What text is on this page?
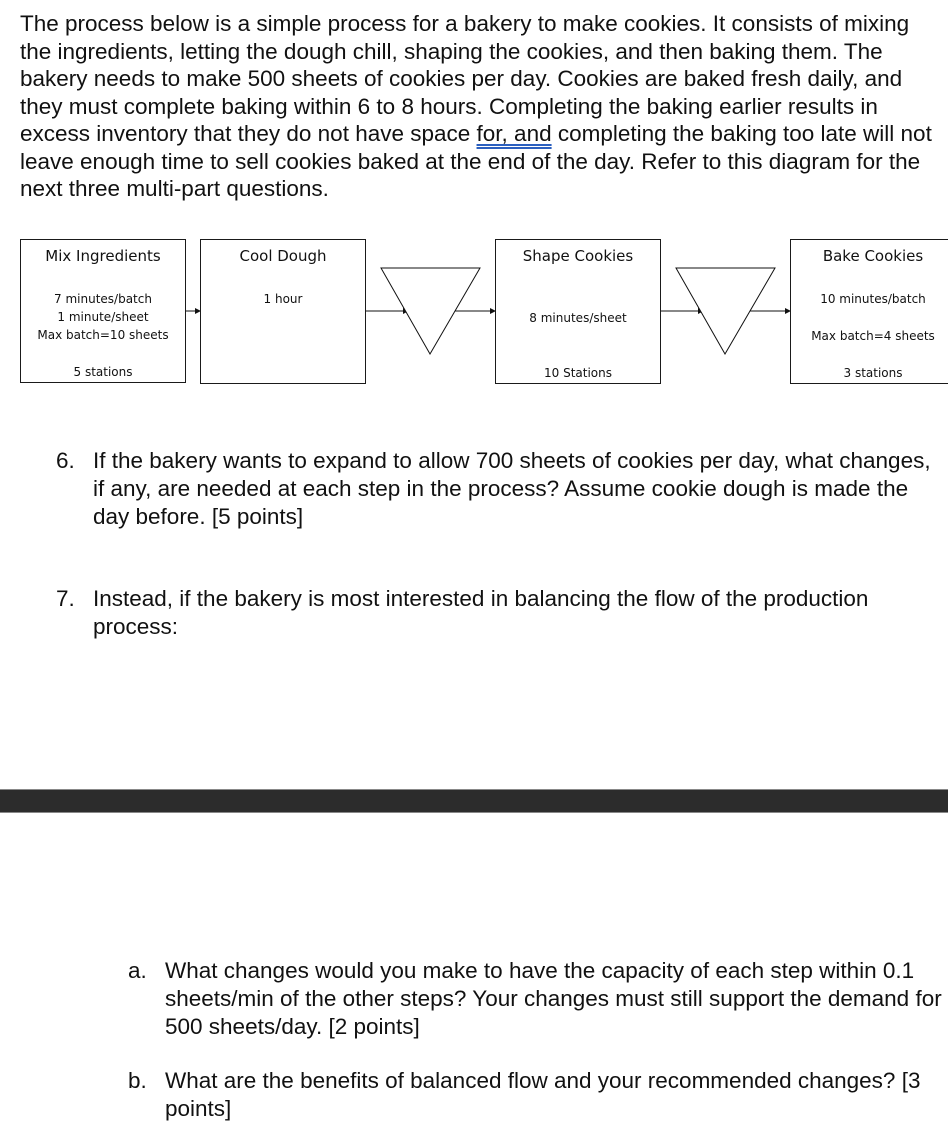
The process below is a simple process for a bakery to make cookies. It consists of mixing the ingredients, letting the dough chill, shaping the cookies, and then baking them. The bakery needs to make 500 sheets of cookies per day. Cookies are baked fresh daily, and they must complete baking within 6 to 8 hours. Completing the baking earlier results in excess inventory that they do not have space for, and completing the baking too late will not leave enough time to sell cookies baked at the end of the day. Refer to this diagram for the next three multi-part questions.

Mix Ingredients
7 minutes/batch
1 minute/sheet
Max batch=10 sheets
5 stations
Cool Dough
1 hour
Shape Cookies
8 minutes/sheet
10 Stations
Bake Cookies
10 minutes/batch
Max batch=4 sheets
3 stations
6. If the bakery wants to expand to allow 700 sheets of cookies per day, what changes, if any, are needed at each step in the process? Assume cookie dough is made the day before. [5 points]
7. Instead, if the bakery is most interested in balancing the flow of the production process:
a. What changes would you make to have the capacity of each step within 0.1 sheets/min of the other steps? Your changes must still support the demand for 500 sheets/day. [2 points]
b. What are the benefits of balanced flow and your recommended changes? [3 points]
